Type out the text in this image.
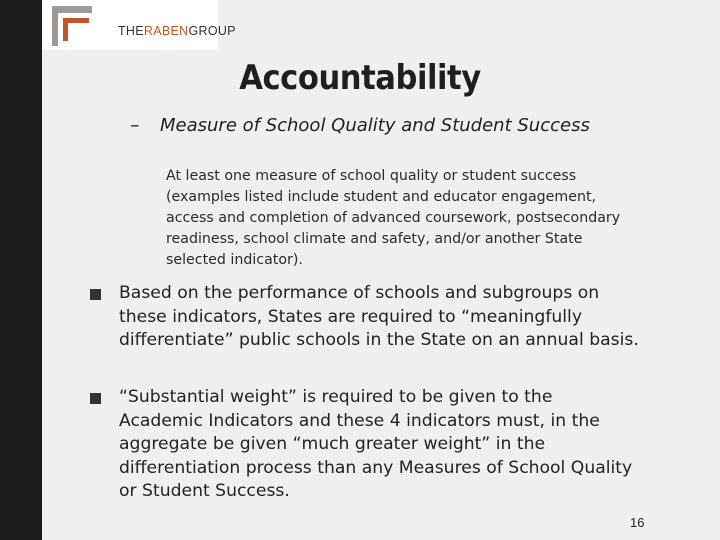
THERABENGROUP
Accountability
– Measure of School Quality and Student Success
At least one measure of school quality or student success (examples listed include student and educator engagement, access and completion of advanced coursework, postsecondary readiness, school climate and safety, and/or another State selected indicator).
Based on the performance of schools and subgroups on these indicators, States are required to “meaningfully differentiate” public schools in the State on an annual basis.
“Substantial weight” is required to be given to the Academic Indicators and these 4 indicators must, in the aggregate be given “much greater weight” in the differentiation process than any Measures of School Quality or Student Success.
16
